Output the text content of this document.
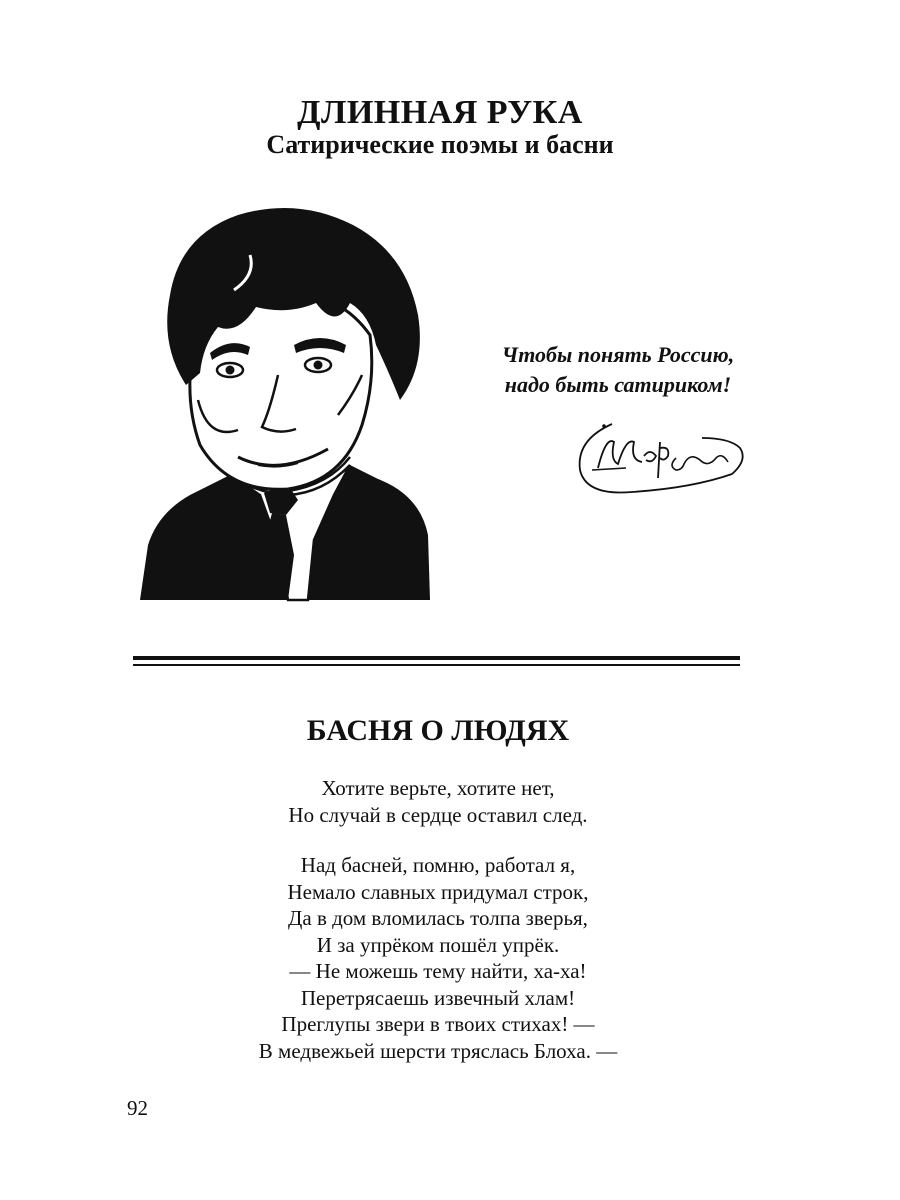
ДЛИННАЯ РУКА
Сатирические поэмы и басни
Чтобы понять Россию,
надо быть сатириком!
БАСНЯ О ЛЮДЯХ
Хотите верьте, хотите нет,
Но случай в сердце оставил след.
Над басней, помню, работал я,
Немало славных придумал строк,
Да в дом вломилась толпа зверья,
И за упрёком пошёл упрёк.
— Не можешь тему найти, ха-ха!
Перетрясаешь извечный хлам!
Преглупы звери в твоих стихах! —
В медвежьей шерсти тряслась Блоха. —
92
